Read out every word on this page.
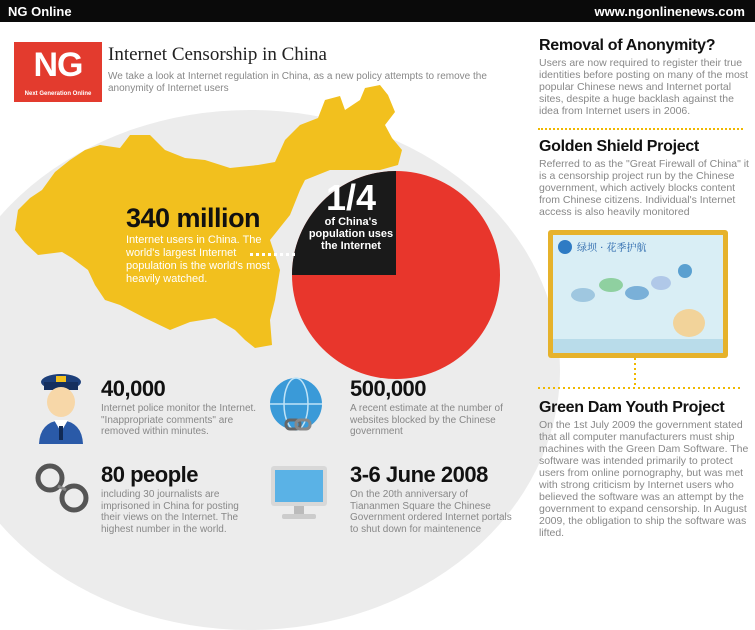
NG Online	www.ngonlinenews.com
NG
Next Generation Online
Internet Censorship in China
We take a look at Internet regulation in China, as a new policy attempts to remove the anonymity of Internet users
340 million
Internet users in China. The world's largest Internet population is the world's most heavily watched.
1/4
of China's population uses the Internet
40,000
Internet police monitor the Internet. "Inappropriate comments" are removed within minutes.
500,000
A recent estimate at the number of websites blocked by the Chinese government
80 people
including 30 journalists are imprisoned in China for posting their views on the Internet. The highest number in the world.
3-6 June 2008
On the 20th anniversary of Tiananmen Square the Chinese Government ordered Internet portals to shut down for maintenence
Removal of Anonymity?

Users are now required to register their true identities before posting on many of the most popular Chinese news and Internet portal sites, despite a huge backlash against the idea from Internet users in 2006.

Golden Shield Project

Referred to as the "Great Firewall of China" it is a censorship project run by the Chinese government, which actively blocks content from Chinese citizens. Individual's Internet access is also heavily monitored

绿坝 · 花季护航
Green Dam Youth Project

On the 1st July 2009 the government stated that all computer manufacturers must ship machines with the Green Dam Software. The software was intended primarily to protect users from online pornography, but was met with strong criticism by Internet users who believed the software was an attempt by the government to expand censorship. In August 2009, the obligation to ship the software was lifted.
